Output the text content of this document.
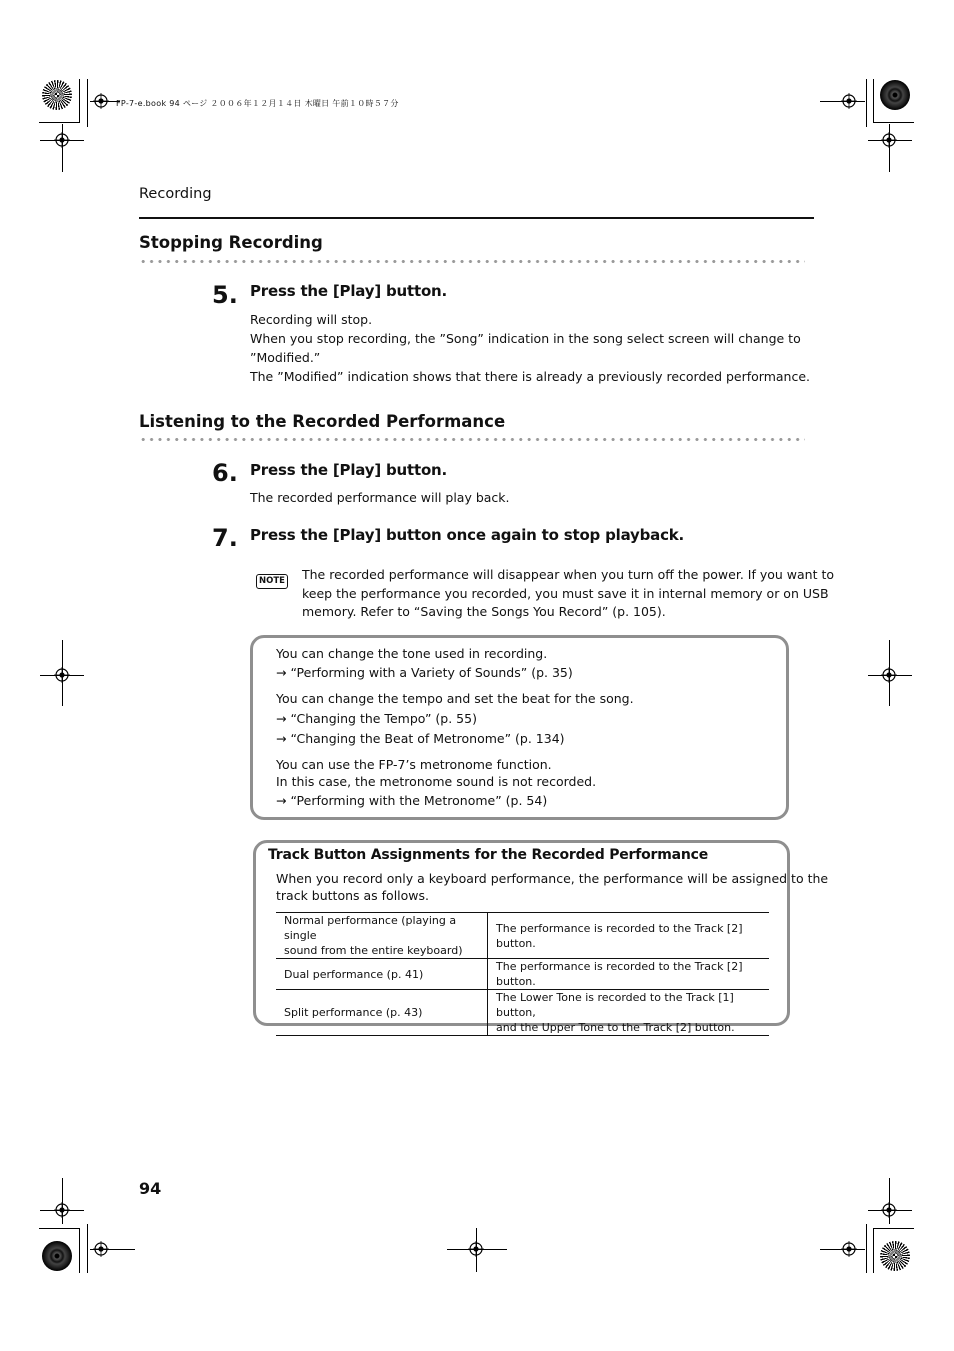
FP-7-e.book 94 ページ ２００６年１２月１４日 木曜日 午前１０時５７分
Recording
Stopping Recording
5. Press the [Play] button.
Recording will stop.
When you stop recording, the ”Song” indication in the song select screen will change to
”Modified.”
The ”Modified” indication shows that there is already a previously recorded performance.
Listening to the Recorded Performance
6. Press the [Play] button.
The recorded performance will play back.
7. Press the [Play] button once again to stop playback.
NOTE The recorded performance will disappear when you turn off the power. If you want to
keep the performance you recorded, you must save it in internal memory or on USB
memory. Refer to “Saving the Songs You Record” (p. 105).
You can change the tone used in recording.
→ “Performing with a Variety of Sounds” (p. 35)
You can change the tempo and set the beat for the song.
→ “Changing the Tempo” (p. 55)
→ “Changing the Beat of Metronome” (p. 134)
You can use the FP-7’s metronome function.
In this case, the metronome sound is not recorded.
→ “Performing with the Metronome” (p. 54)
Track Button Assignments for the Recorded Performance
When you record only a keyboard performance, the performance will be assigned to the
track buttons as follows.
Normal performance (playing a single
sound from the entire keyboard)	The performance is recorded to the Track [2] button.

Dual performance (p. 41)	The performance is recorded to the Track [2] button.

Split performance (p. 43)	The Lower Tone is recorded to the Track [1] button,
and the Upper Tone to the Track [2] button.
94
